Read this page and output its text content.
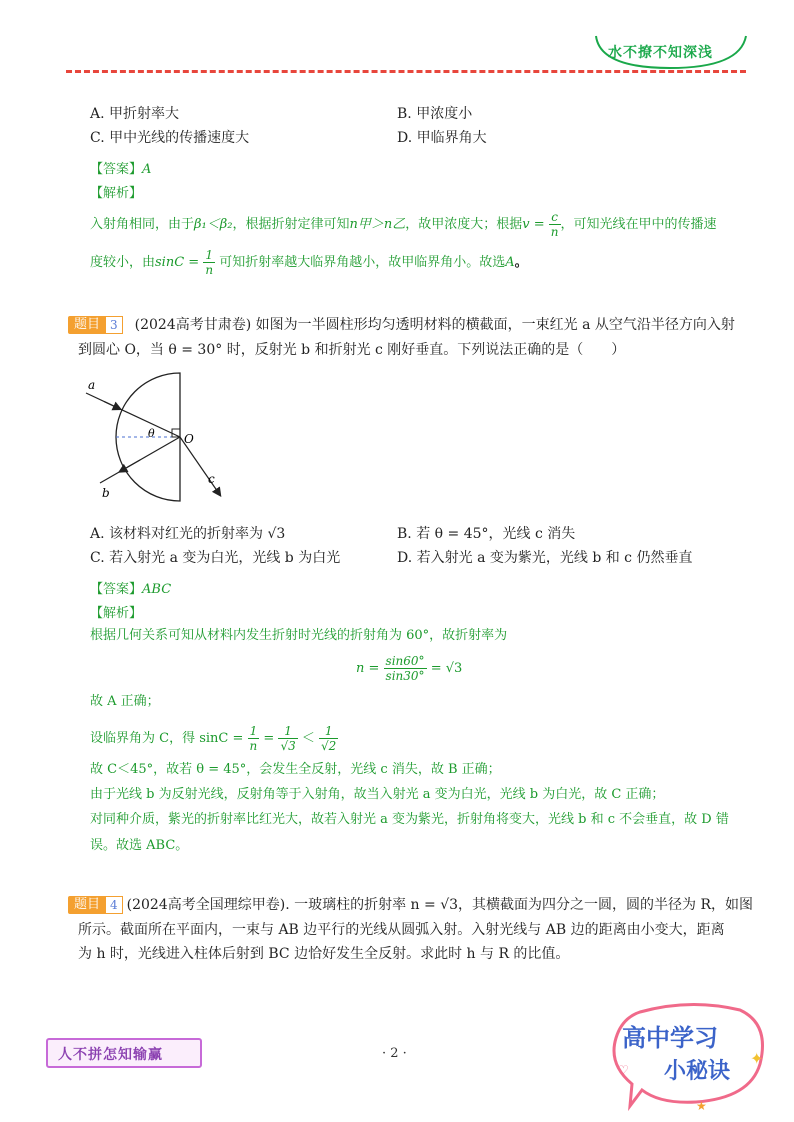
水不撩不知深浅
A. 甲折射率大	B. 甲浓度小
C. 甲中光线的传播速度大	D. 甲临界角大
【答案】A
【解析】
入射角相同，由于β₁＜β₂，根据折射定律可知n甲＞n乙，故甲浓度大；根据$v = \frac{c}{n}$ ，可知光线在甲中的传播速
度较小，由$\sin C = \frac{1}{n}$ 可知折射率越大临界角越小，故甲临界角小。故选A。
题目 3	(2024高考甘肃卷) 如图为一半圆柱形均匀透明材料的横截面，一束红光 a 从空气沿半径方向入射
到圆心 O，当 θ = 30° 时，反射光 b 和折射光 c 刚好垂直。下列说法正确的是（　　）
a
b
c
O
θ
A. 该材料对红光的折射率为 √3	B. 若 θ = 45°，光线 c 消失
C. 若入射光 a 变为白光，光线 b 为白光	D. 若入射光 a 变为紫光，光线 b 和 c 仍然垂直
【答案】ABC
【解析】
根据几何关系可知从材料内发生折射时光线的折射角为 60°，故折射率为
$n = \frac{\sin 60^\circ}{\sin 30^\circ} = √3$
故 A 正确；
设临界角为 C，得 $\sin C = \frac{1}{n} = \frac{1}{√3} < \frac{1}{√2}$
故 C＜45°，故若 θ = 45°，会发生全反射，光线 c 消失，故 B 正确；
由于光线 b 为反射光线，反射角等于入射角，故当入射光 a 变为白光，光线 b 为白光，故 C 正确；
对同种介质，紫光的折射率比红光大，故若入射光 a 变为紫光，折射角将变大，光线 b 和 c 不会垂直，故 D 错
误。故选 ABC。
题目 4 (2024高考全国理综甲卷). 一玻璃柱的折射率 n = √3，其横截面为四分之一圆，圆的半径为 R，如图
所示。截面所在平面内，一束与 AB 边平行的光线从圆弧入射。入射光线与 AB 边的距离由小变大，距离
为 h 时，光线进入柱体后射到 BC 边恰好发生全反射。求此时 h 与 R 的比值。
人不拼怎知输赢	· 2 ·
高中学习
小秘诀
✦
♡
★
